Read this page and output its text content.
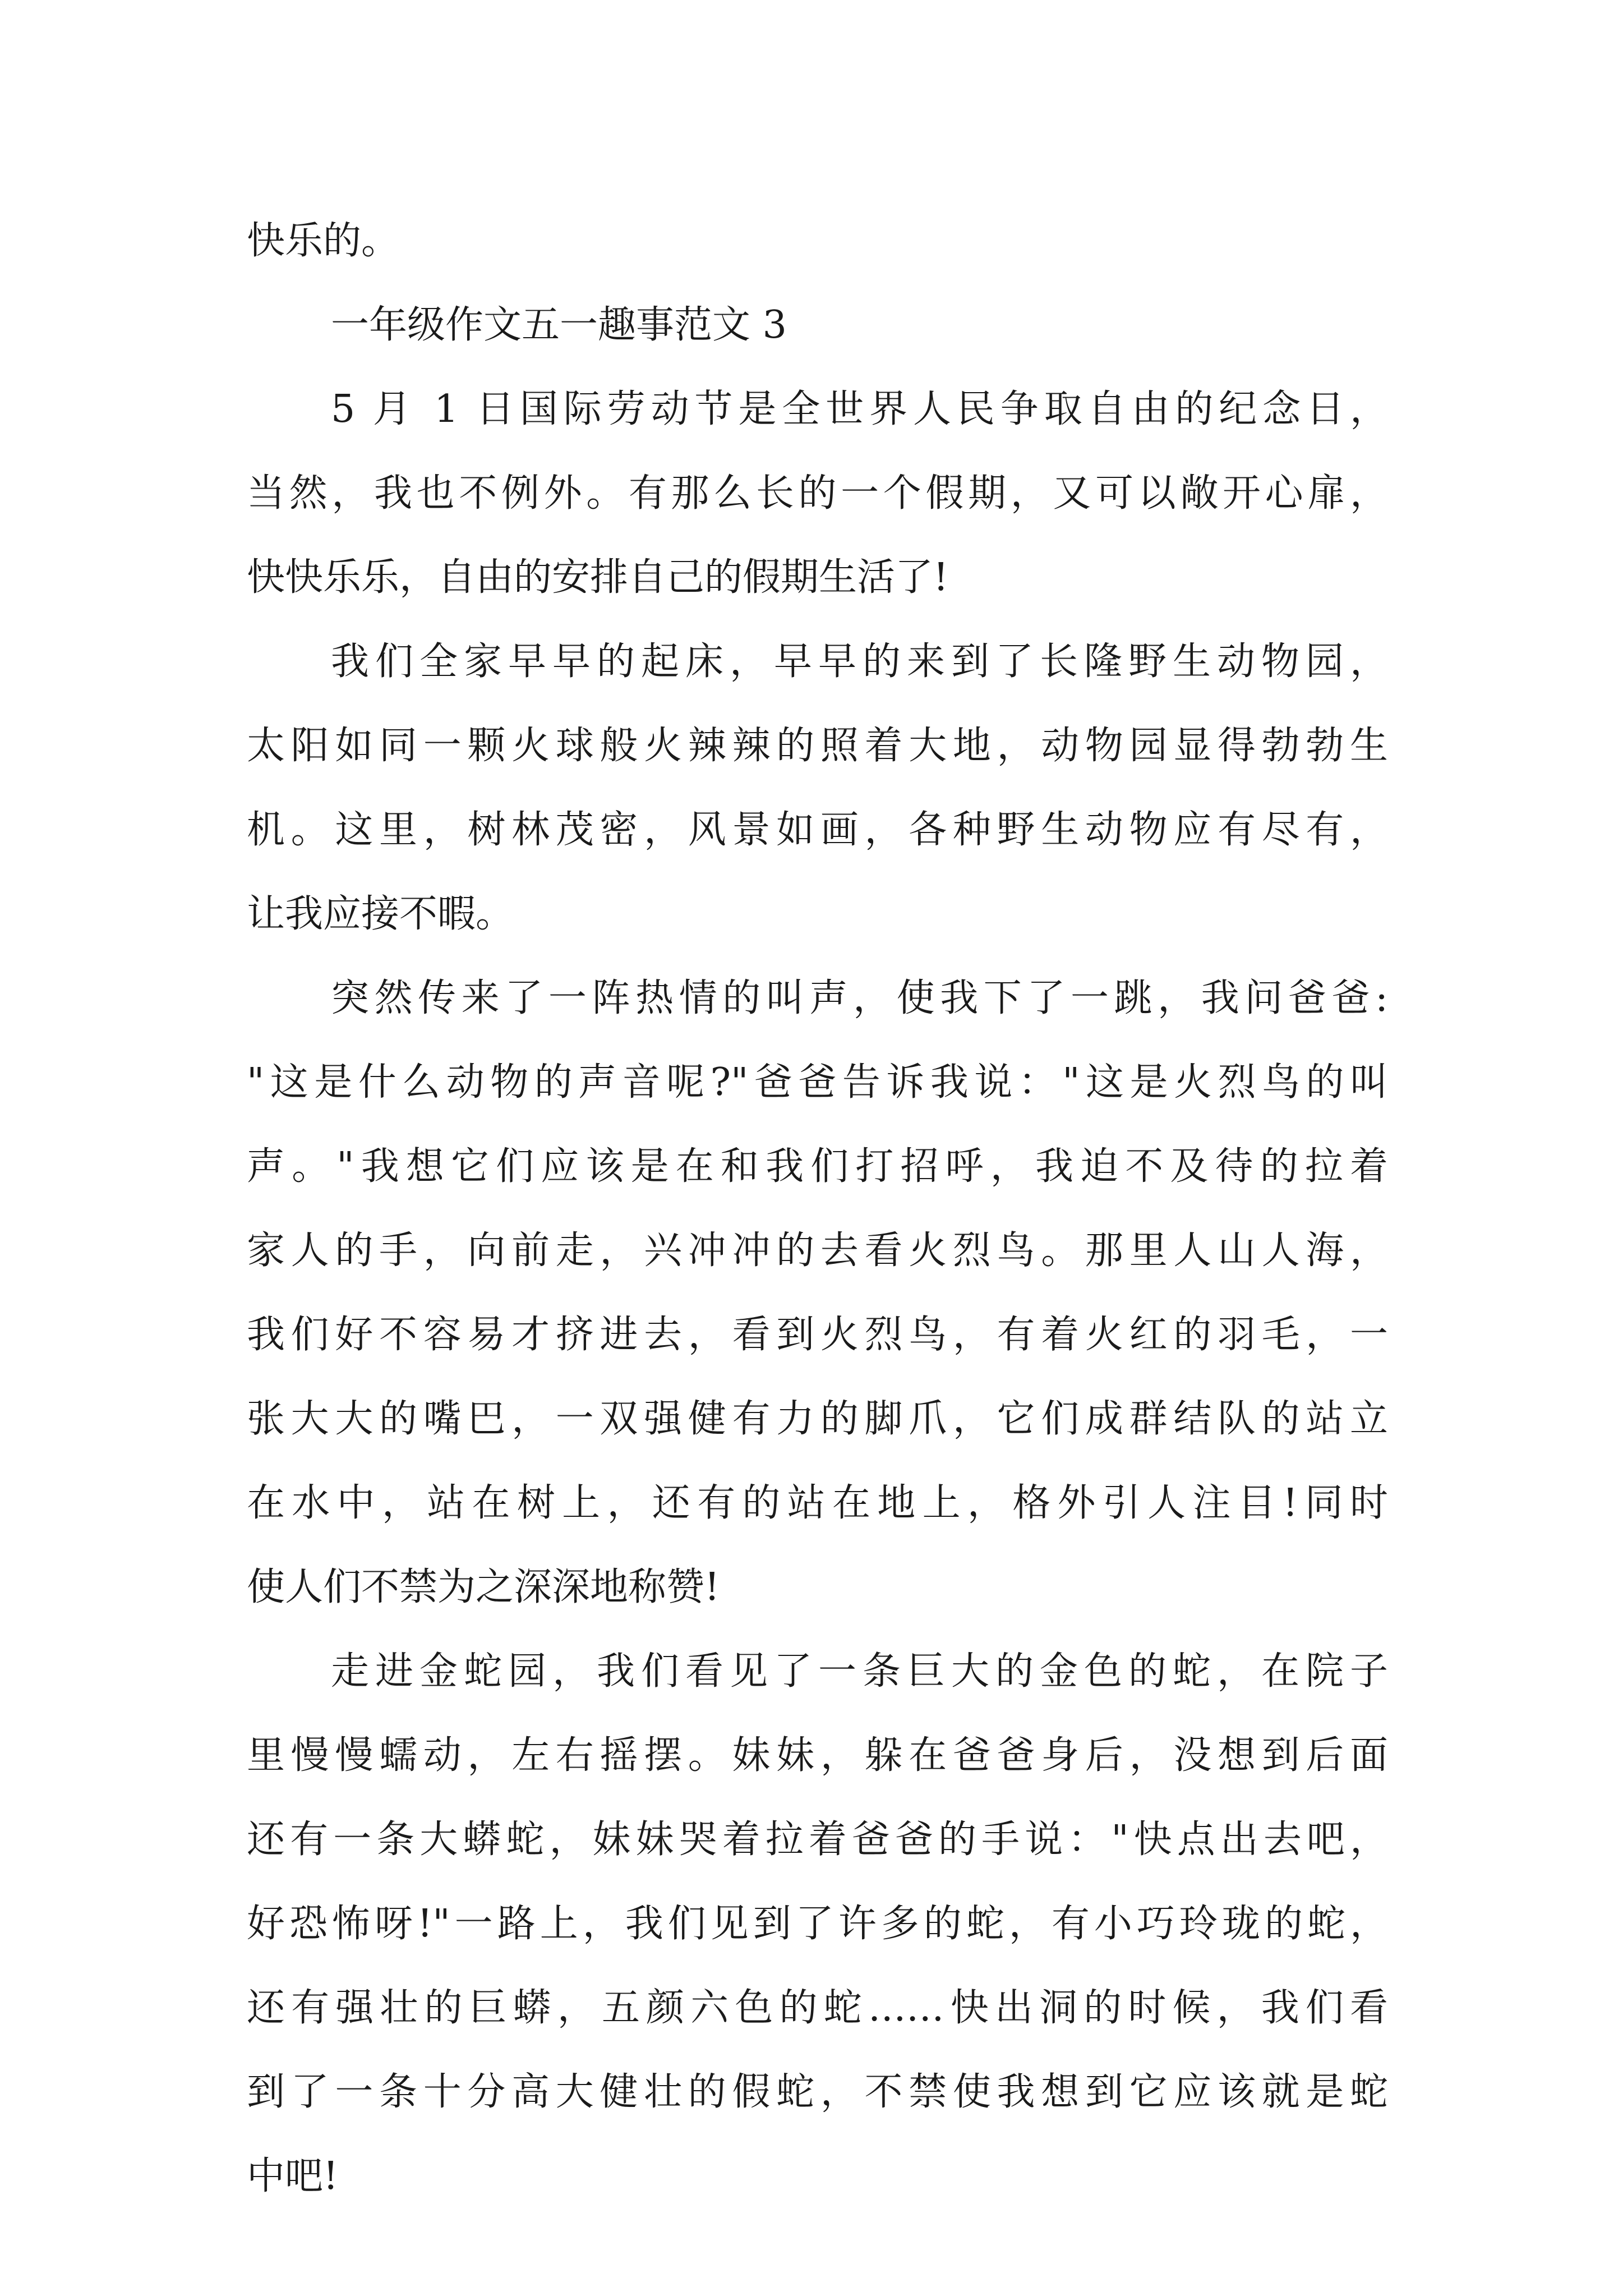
快乐的。
一年级作文五一趣事范文 3
5 月 1 日国际劳动节是全世界人民争取自由的纪念日，
当然，我也不例外。有那么长的一个假期，又可以敞开心扉，
快快乐乐，自由的安排自己的假期生活了!
我们全家早早的起床，早早的来到了长隆野生动物园，
太阳如同一颗火球般火辣辣的照着大地，动物园显得勃勃生
机。这里，树林茂密，风景如画，各种野生动物应有尽有，
让我应接不暇。
突然传来了一阵热情的叫声，使我下了一跳，我问爸爸:
"这是什么动物的声音呢?"爸爸告诉我说："这是火烈鸟的叫
声。"我想它们应该是在和我们打招呼，我迫不及待的拉着
家人的手，向前走，兴冲冲的去看火烈鸟。那里人山人海，
我们好不容易才挤进去，看到火烈鸟，有着火红的羽毛，一
张大大的嘴巴，一双强健有力的脚爪，它们成群结队的站立
在水中，站在树上，还有的站在地上，格外引人注目!同时
使人们不禁为之深深地称赞!
走进金蛇园，我们看见了一条巨大的金色的蛇，在院子
里慢慢蠕动，左右摇摆。妹妹，躲在爸爸身后，没想到后面
还有一条大蟒蛇，妹妹哭着拉着爸爸的手说："快点出去吧，
好恐怖呀!"一路上，我们见到了许多的蛇，有小巧玲珑的蛇，
还有强壮的巨蟒，五颜六色的蛇……快出洞的时候，我们看
到了一条十分高大健壮的假蛇，不禁使我想到它应该就是蛇
中吧!
